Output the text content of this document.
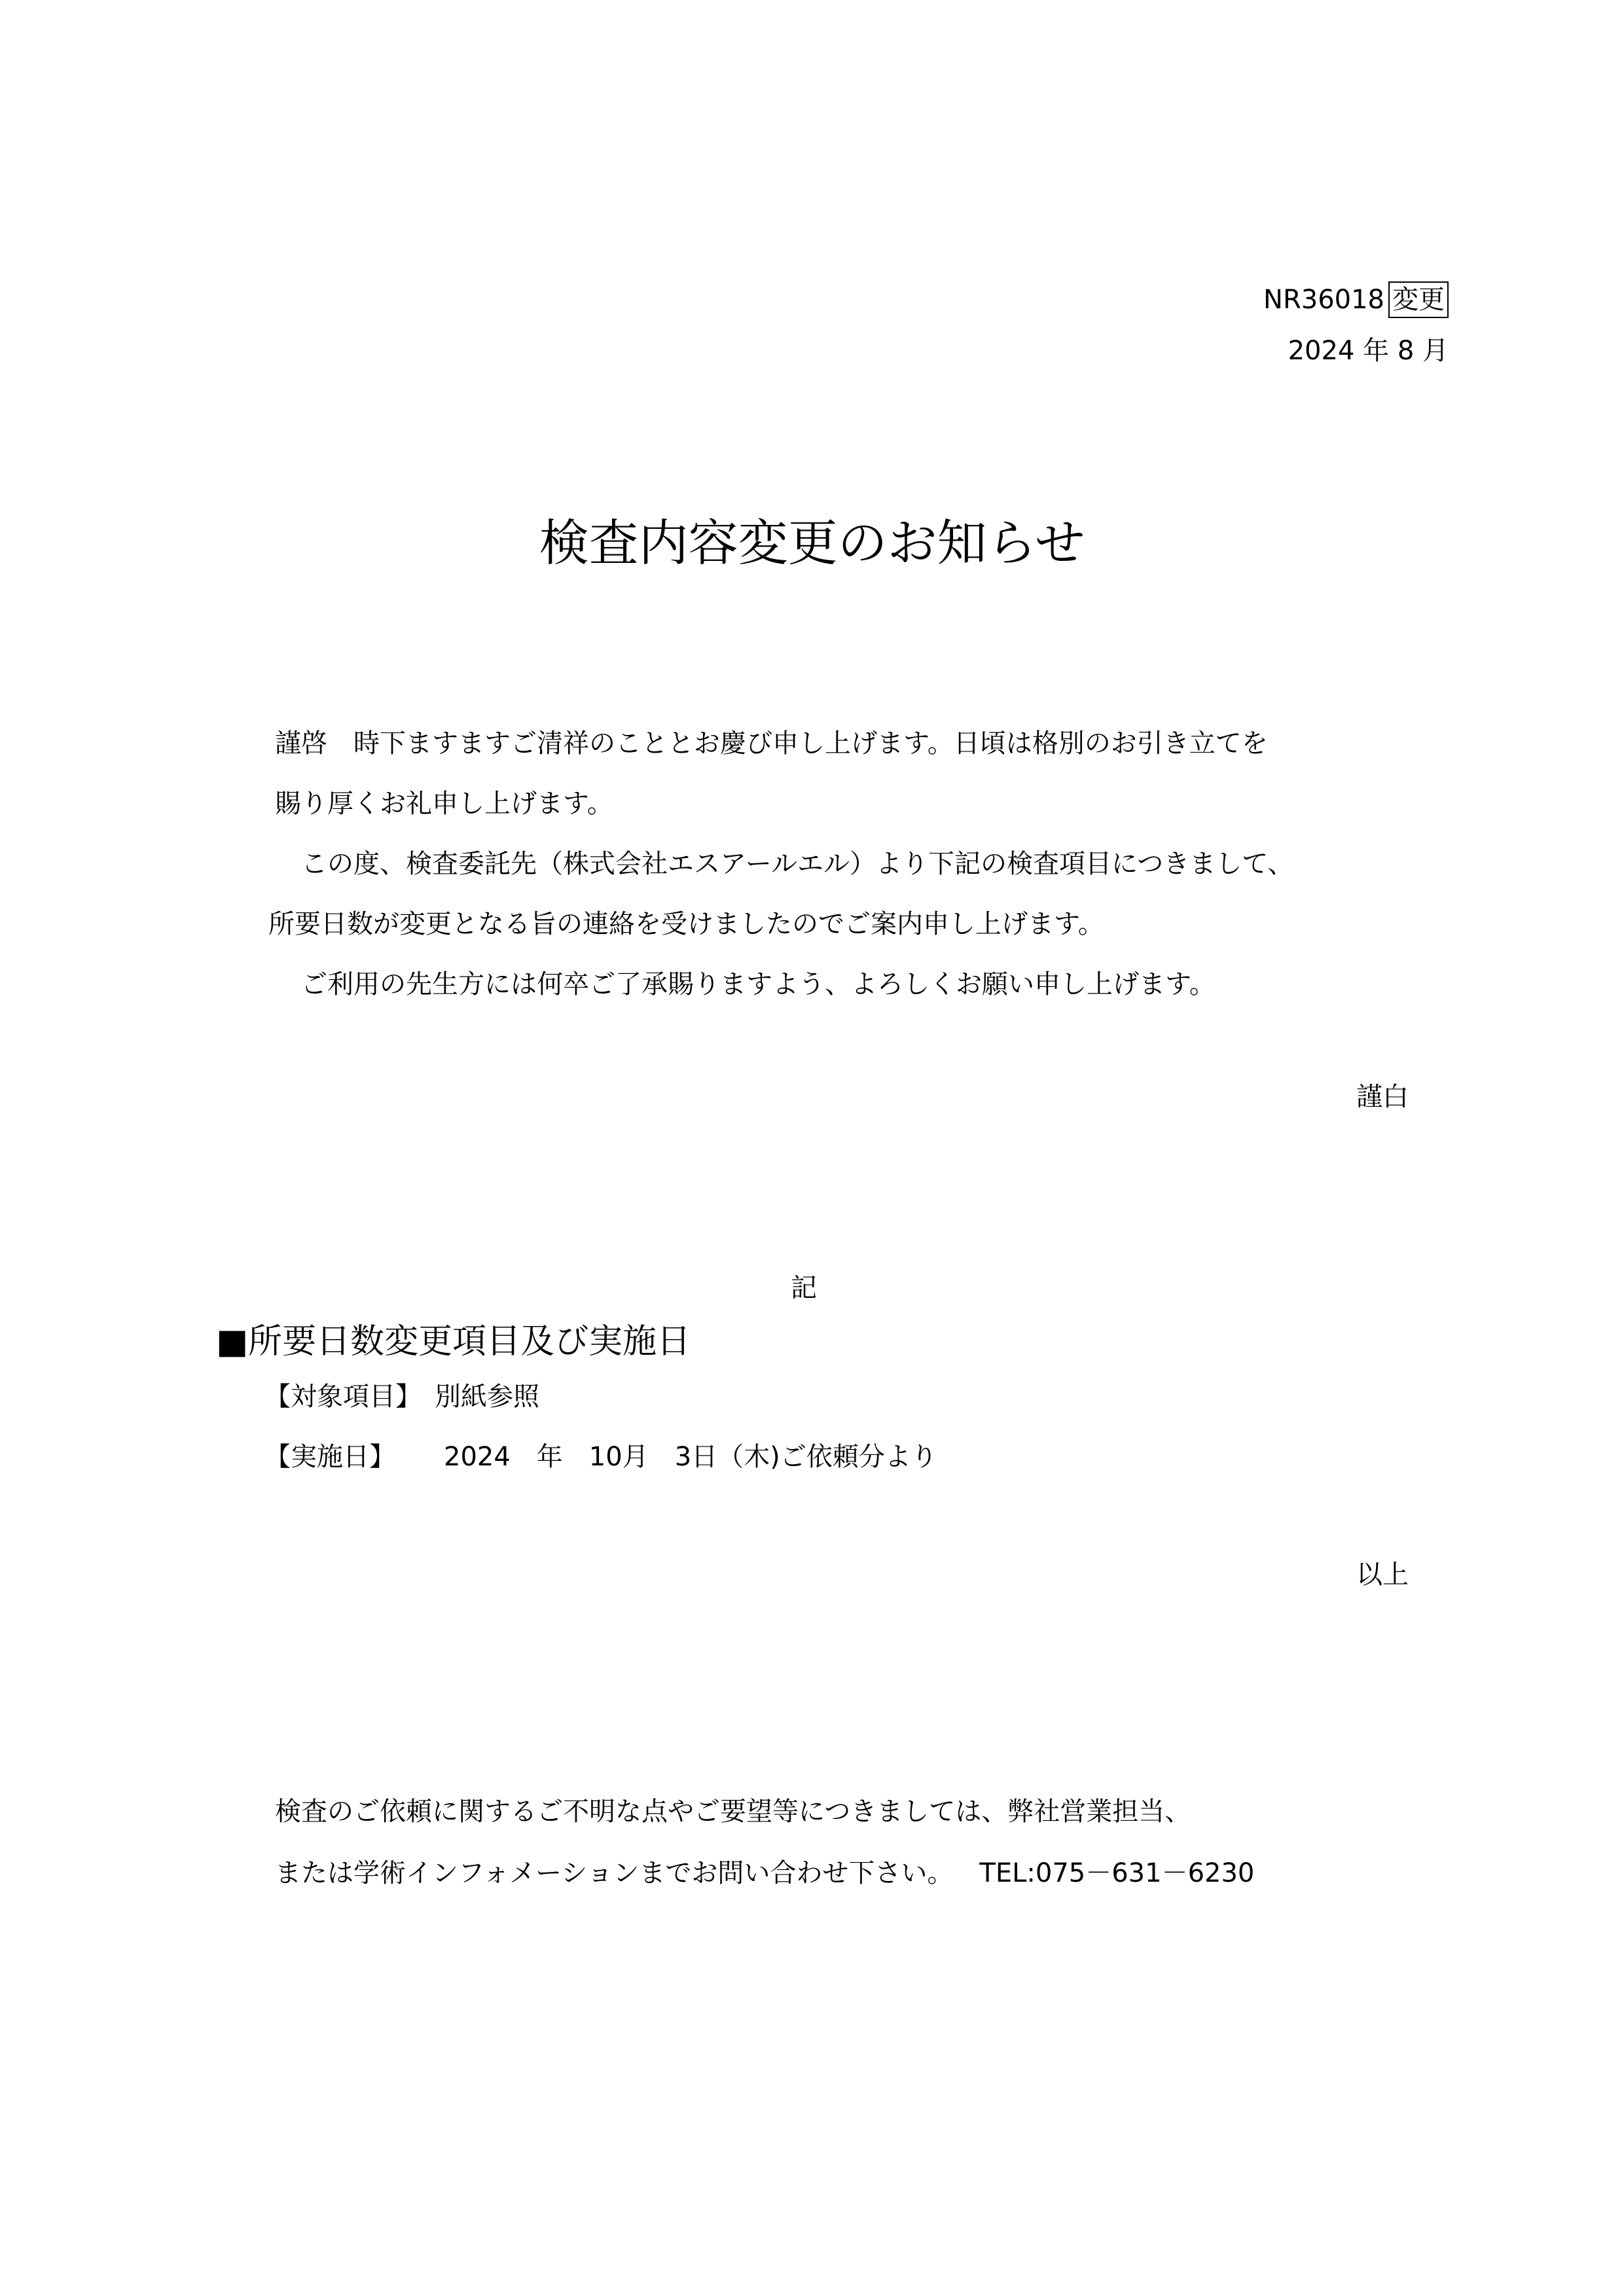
NR36018 変更
2024 年 8 月
検査内容変更のお知らせ
謹啓　時下ますますご清祥のこととお慶び申し上げます。日頃は格別のお引き立てを
賜り厚くお礼申し上げます。
　この度、検査委託先（株式会社エスアールエル）より下記の検査項目につきまして、
所要日数が変更となる旨の連絡を受けましたのでご案内申し上げます。
　ご利用の先生方には何卒ご了承賜りますよう、よろしくお願い申し上げます。
謹白
記
■所要日数変更項目及び実施日
【対象項目】 別紙参照
【実施日】 2024　年　10月　3日（木)ご依頼分より
以上
検査のご依頼に関するご不明な点やご要望等につきましては、弊社営業担当、
または学術インフォメーションまでお問い合わせ下さい。 TEL:075－631－6230
